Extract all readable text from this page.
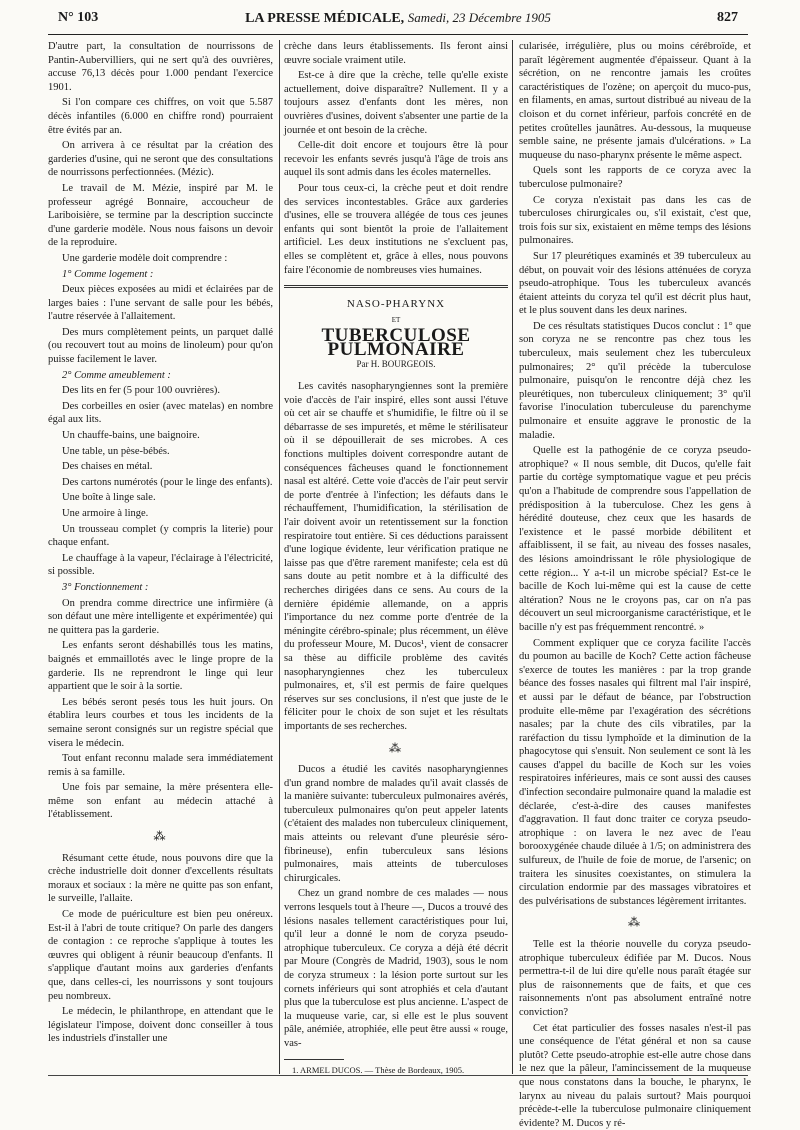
N° 103	LA PRESSE MÉDICALE, Samedi, 23 Décembre 1905	827

D'autre part, la consultation de nourrissons de Pantin-Aubervilliers, qui ne sert qu'à des ouvrières, accuse 76,13 décès pour 1.000 pendant l'exercice 1901.

Si l'on compare ces chiffres, on voit que 5.587 décès infantiles (6.000 en chiffre rond) pourraient être évités par an.

On arrivera à ce résultat par la création des garderies d'usine, qui ne seront que des consultations de nourrissons perfectionnées. (Mézic).

Le travail de M. Mézie, inspiré par M. le professeur agrégé Bonnaire, accoucheur de Lariboisière, se termine par la description succincte d'une garderie modèle. Nous nous faisons un devoir de la reproduire.

Une garderie modèle doit comprendre :

1° Comme logement :

Deux pièces exposées au midi et éclairées par de larges baies : l'une servant de salle pour les bébés, l'autre réservée à l'allaitement.

Des murs complètement peints, un parquet dallé (ou recouvert tout au moins de linoleum) pour qu'on puisse facilement le laver.

2° Comme ameublement :

Des lits en fer (5 pour 100 ouvrières).

Des corbeilles en osier (avec matelas) en nombre égal aux lits.

Un chauffe-bains, une baignoire.

Une table, un pèse-bébés.

Des chaises en métal.

Des cartons numérotés (pour le linge des enfants).

Une boîte à linge sale.

Une armoire à linge.

Un trousseau complet (y compris la literie) pour chaque enfant.

Le chauffage à la vapeur, l'éclairage à l'électricité, si possible.

3° Fonctionnement :

On prendra comme directrice une infirmière (à son défaut une mère intelligente et expérimentée) qui ne quittera pas la garderie.

Les enfants seront déshabillés tous les matins, baignés et emmaillotés avec le linge propre de la garderie. Ils ne reprendront le linge qui leur appartient que le soir à la sortie.

Les bébés seront pesés tous les huit jours. On établira leurs courbes et tous les incidents de la semaine seront consignés sur un registre spécial que visera le médecin.

Tout enfant reconnu malade sera immédiatement remis à sa famille.

Une fois par semaine, la mère présentera elle-même son enfant au médecin attaché à l'établissement.

⁂

Résumant cette étude, nous pouvons dire que la crèche industrielle doit donner d'excellents résultats moraux et sociaux : la mère ne quitte pas son enfant, le surveille, l'allaite.

Ce mode de puériculture est bien peu onéreux. Est-il à l'abri de toute critique? On parle des dangers de contagion : ce reproche s'applique à toutes les œuvres qui obligent à réunir beaucoup d'enfants. Il s'applique d'autant moins aux garderies d'enfants que, dans celles-ci, les nourrissons y sont toujours peu nombreux.

Le médecin, le philanthrope, en attendant que le législateur l'impose, doivent donc conseiller à tous les industriels d'installer une

crèche dans leurs établissements. Ils feront ainsi œuvre sociale vraiment utile.

Est-ce à dire que la crèche, telle qu'elle existe actuellement, doive disparaître? Nullement. Il y a toujours assez d'enfants dont les mères, non ouvrières d'usines, doivent s'absenter une partie de la journée et ont besoin de la crèche.

Celle-dit doit encore et toujours être là pour recevoir les enfants sevrés jusqu'à l'âge de trois ans auquel ils sont admis dans les écoles maternelles.

Pour tous ceux-ci, la crèche peut et doit rendre des services incontestables. Grâce aux garderies d'usines, elle se trouvera allégée de tous ces jeunes enfants qui sont bientôt la proie de l'allaitement artificiel. Les deux institutions ne s'excluent pas, elles se complètent et, grâce à elles, nous pouvons faire l'économie de nombreuses vies humaines.

NASO-PHARYNX
ET
TUBERCULOSE PULMONAIRE
Par H. BOURGEOIS.

Les cavités nasopharyngiennes sont la première voie d'accès de l'air inspiré, elles sont aussi l'étuve où cet air se chauffe et s'humidifie, le filtre où il se débarrasse de ses impuretés, et même le stérilisateur où il se dépouillerait de ses microbes. A ces fonctions multiples doivent correspondre autant de conséquences fâcheuses quand le fonctionnement nasal est altéré. Cette voie d'accès de l'air peut servir de porte d'entrée à l'infection; les défauts dans le réchauffement, l'humidification, la stérilisation de l'air doivent avoir un retentissement sur la fonction respiratoire tout entière. Si ces déductions paraissent d'une logique évidente, leur vérification pratique ne laisse pas que d'être rarement manifeste; cela est dû sans doute au petit nombre et à la difficulté des recherches dirigées dans ce sens. Au cours de la dernière épidémie allemande, on a appris l'importance du nez comme porte d'entrée de la méningite cérébro-spinale; plus récemment, un élève du professeur Moure, M. Ducos¹, vient de consacrer sa thèse au difficile problème des cavités nasopharyngiennes chez les tuberculeux pulmonaires, et, s'il est permis de faire quelques réserves sur ses conclusions, il n'est que juste de le féliciter pour le choix de son sujet et les résultats importants de ses recherches.

⁂

Ducos a étudié les cavités nasopharyngiennes d'un grand nombre de malades qu'il avait classés de la manière suivante: tuberculeux pulmonaires avérés, tuberculeux pulmonaires qu'on peut appeler latents (c'étaient des malades non tuberculeux cliniquement, mais atteints ou relevant d'une pleurésie séro-fibrineuse), enfin tuberculeux sans lésions pulmonaires, mais atteints de tuberculoses chirurgicales.

Chez un grand nombre de ces malades — nous verrons lesquels tout à l'heure —, Ducos a trouvé des lésions nasales tellement caractéristiques pour lui, qu'il leur a donné le nom de coryza pseudo-atrophique tuberculeux. Ce coryza a déjà été décrit par Moure (Congrès de Madrid, 1903), sous le nom de coryza strumeux : la lésion porte surtout sur les cornets inférieurs qui sont atrophiés et cela d'autant plus que la tuberculose est plus ancienne. L'aspect de la muqueuse varie, car, si elle est le plus souvent pâle, anémiée, atrophiée, elle peut être aussi « rouge, vas-

1. ARMEL DUCOS. — Thèse de Bordeaux, 1905.

cularisée, irrégulière, plus ou moins cérébroïde, et paraît légèrement augmentée d'épaisseur. Quant à la sécrétion, on ne rencontre jamais les croûtes caractéristiques de l'ozène; on aperçoit du muco-pus, en filaments, en amas, surtout distribué au niveau de la cloison et du cornet inférieur, parfois concrété en de petites croûtelles jaunâtres. Au-dessous, la muqueuse semble saine, ne présente jamais d'ulcérations. » La muqueuse du naso-pharynx présente le même aspect.

Quels sont les rapports de ce coryza avec la tuberculose pulmonaire?

Ce coryza n'existait pas dans les cas de tuberculoses chirurgicales ou, s'il existait, c'est que, trois fois sur six, existaient en même temps des lésions pulmonaires.

Sur 17 pleurétiques examinés et 39 tuberculeux au début, on pouvait voir des lésions atténuées de coryza pseudo-atrophique. Tous les tuberculeux avancés étaient atteints du coryza tel qu'il est décrit plus haut, et le plus souvent dans les deux narines.

De ces résultats statistiques Ducos conclut : 1° que son coryza ne se rencontre pas chez tous les tuberculeux, mais seulement chez les tuberculeux pulmonaires; 2° qu'il précède la tuberculose pulmonaire, puisqu'on le rencontre déjà chez les pleurétiques, non tuberculeux cliniquement; 3° qu'il favorise l'inoculation tuberculeuse du parenchyme pulmonaire et ensuite aggrave le pronostic de la maladie.

Quelle est la pathogénie de ce coryza pseudo-atrophique? « Il nous semble, dit Ducos, qu'elle fait partie du cortège symptomatique vague et peu précis qu'on a l'habitude de comprendre sous l'appellation de prédisposition à la tuberculose. Chez les gens à hérédité douteuse, chez ceux que les hasards de l'existence et le passé morbide débilitent et affaiblissent, il se fait, au niveau des fosses nasales, des lésions amoindrissant le rôle physiologique de cette région... Y a-t-il un microbe spécial? Est-ce le bacille de Koch lui-même qui est la cause de cette altération? Nous ne le croyons pas, car on n'a pas découvert un seul microorganisme caractéristique, et le bacille n'y est pas fréquemment rencontré. »

Comment expliquer que ce coryza facilite l'accès du poumon au bacille de Koch? Cette action fâcheuse s'exerce de toutes les manières : par la trop grande béance des fosses nasales qui filtrent mal l'air inspiré, et aussi par le défaut de béance, par l'obstruction produite elle-même par l'exagération des sécrétions nasales; par la chute des cils vibratiles, par la raréfaction du tissu lymphoïde et la diminution de la phagocytose qui s'ensuit. Non seulement ce sont là les causes d'appel du bacille de Koch sur les voies respiratoires inférieures, mais ce sont aussi des causes d'infection secondaire pulmonaire quand la maladie est déclarée, c'est-à-dire des causes manifestes d'aggravation. Il faut donc traiter ce coryza pseudo-atrophique : on lavera le nez avec de l'eau borooxygénée chaude diluée à 1/5; on administrera des sulfureux, de l'huile de foie de morue, de l'arsenic; on traitera les sinusites coexistantes, on stimulera la circulation endormie par des massages vibratoires et des pulvérisations de substances légèrement irritantes.

⁂

Telle est la théorie nouvelle du coryza pseudo-atrophique tuberculeux édifiée par M. Ducos. Nous permettra-t-il de lui dire qu'elle nous paraît étagée sur plus de raisonnements que de faits, et que ces raisonnements n'ont pas absolument entraîné notre conviction?

Cet état particulier des fosses nasales n'est-il pas une conséquence de l'état général et non sa cause plutôt? Cette pseudo-atrophie est-elle autre chose dans le nez que la pâleur, l'amincissement de la muqueuse que nous constatons dans la bouche, le pharynx, le larynx au niveau du palais surtout? Mais pourquoi précède-t-elle la tuberculose pulmonaire cliniquement évidente? M. Ducos y ré-
